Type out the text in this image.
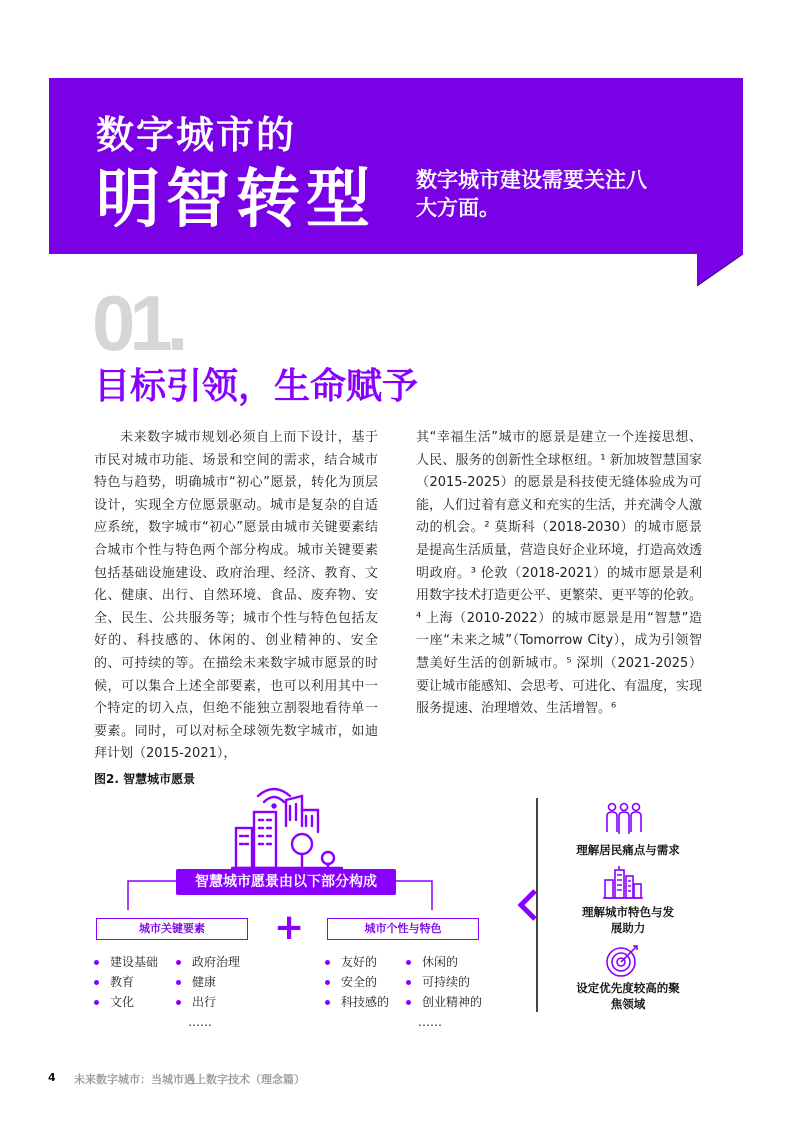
数字城市的
明智转型 数字城市建设需要关注八大方面。
01.
目标引领，生命赋予

未来数字城市规划必须自上而下设计，基于市民对城市功能、场景和空间的需求，结合城市特色与趋势，明确城市“初心”愿景，转化为顶层设计，实现全方位愿景驱动。城市是复杂的自适应系统，数字城市“初心”愿景由城市关键要素结合城市个性与特色两个部分构成。城市关键要素包括基础设施建设、政府治理、经济、教育、文化、健康、出行、自然环境、食品、废弃物、安全、民生、公共服务等；城市个性与特色包括友好的、科技感的、休闲的、创业精神的、安全的、可持续的等。在描绘未来数字城市愿景的时候，可以集合上述全部要素，也可以利用其中一个特定的切入点，但绝不能独立割裂地看待单一要素。同时，可以对标全球领先数字城市，如迪拜计划（2015-2021），

其“幸福生活”城市的愿景是建立一个连接思想、人民、服务的创新性全球枢纽。¹ 新加坡智慧国家（2015-2025）的愿景是科技使无缝体验成为可能，人们过着有意义和充实的生活，并充满令人激动的机会。² 莫斯科（2018-2030）的城市愿景是提高生活质量，营造良好企业环境，打造高效透明政府。³ 伦敦（2018-2021）的城市愿景是利用数字技术打造更公平、更繁荣、更平等的伦敦。⁴ 上海（2010-2022）的城市愿景是用“智慧”造一座“未来之城”（Tomorrow City），成为引领智慧美好生活的创新城市。⁵ 深圳（2021-2025）要让城市能感知、会思考、可进化、有温度，实现服务提速、治理增效、生活增智。⁶

图2. 智慧城市愿景
智慧城市愿景由以下部分构成
城市关键要素	+	城市个性与特色
建设基础
教育
文化
政府治理
健康
出行
……
友好的
安全的
科技感的
休闲的
可持续的
创业精神的
……
理解居民痛点与需求
理解城市特色与发展助力
设定优先度较高的聚焦领域
4 未来数字城市：当城市遇上数字技术（理念篇）
